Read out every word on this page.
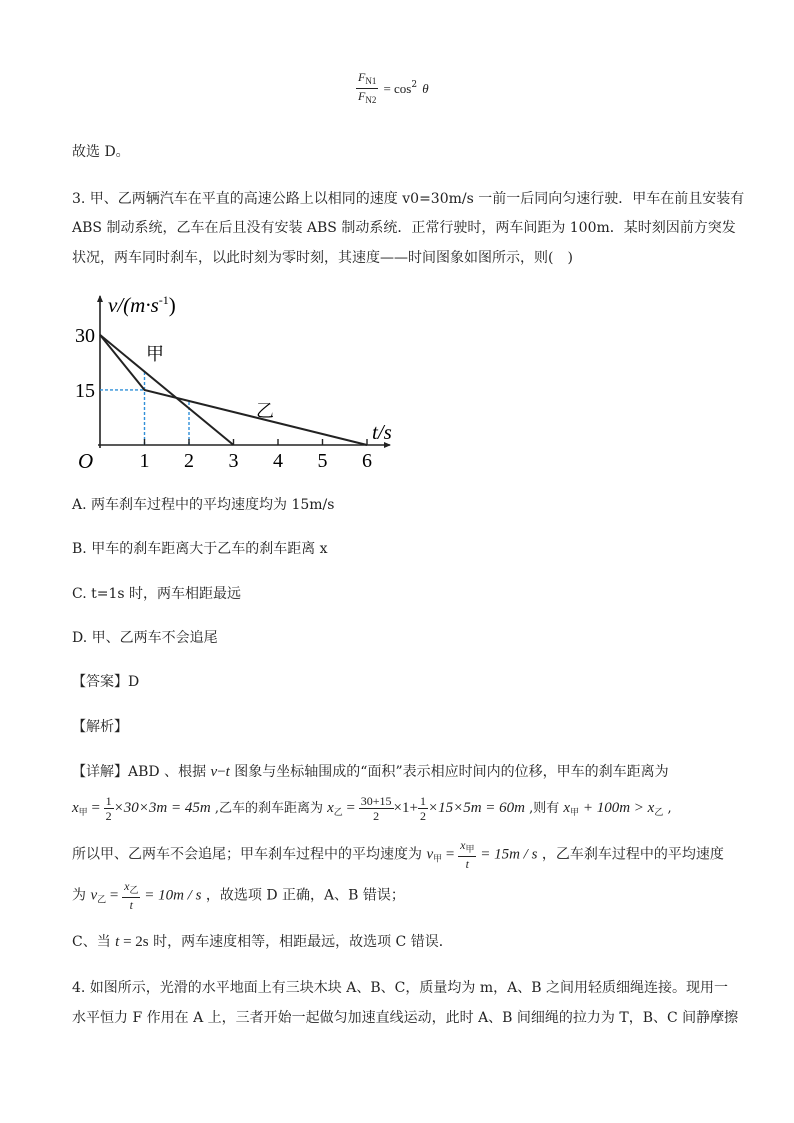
$\frac{F_{N1}}{F_{N2}} = \cos^2 \theta$
故选 D。
3. 甲、乙两辆汽车在平直的高速公路上以相同的速度 v0=30m/s 一前一后同向匀速行驶．甲车在前且安装有
ABS 制动系统，乙车在后且没有安装 ABS 制动系统．正常行驶时，两车间距为 100m．某时刻因前方突发
状况，两车同时刹车，以此时刻为零时刻，其速度——时间图象如图所示，则(　)
1 2 3 4 5 6
15
30
$v/(m\cdot s^{-1})$
t/s
O
甲
乙
A. 两车刹车过程中的平均速度均为 15m/s
B. 甲车的刹车距离大于乙车的刹车距离 x
C. t=1s 时，两车相距最远
D. 甲、乙两车不会追尾
【答案】D
【解析】
【详解】ABD 、根据 v−t 图象与坐标轴围成的“面积”表示相应时间内的位移，甲车的刹车距离为
$x_甲 = \frac{1}{2} \times 30\times 3m = 45m$ ,乙车的刹车距离为 $x_乙 = \frac{30+15}{2} \times 1+ \frac{1}{2} \times 15\times 5m = 60m$ ,则有 $x_甲 + 100m > x_乙$ ,
所以甲、乙两车不会追尾；甲车刹车过程中的平均速度为 $v_甲 = \frac{x_甲}{t} = 15m / s$ ，乙车刹车过程中的平均速度
为 $v_乙 = \frac{x_乙}{t} = 10m / s$ ，故选项 D 正确，A、B 错误；
C、当 t = 2s 时，两车速度相等，相距最远，故选项 C 错误．
4. 如图所示，光滑的水平地面上有三块木块 A、B、C，质量均为 m，A、B 之间用轻质细绳连接。现用一
水平恒力 F 作用在 A 上，三者开始一起做匀加速直线运动，此时 A、B 间细绳的拉力为 T，B、C 间静摩擦
